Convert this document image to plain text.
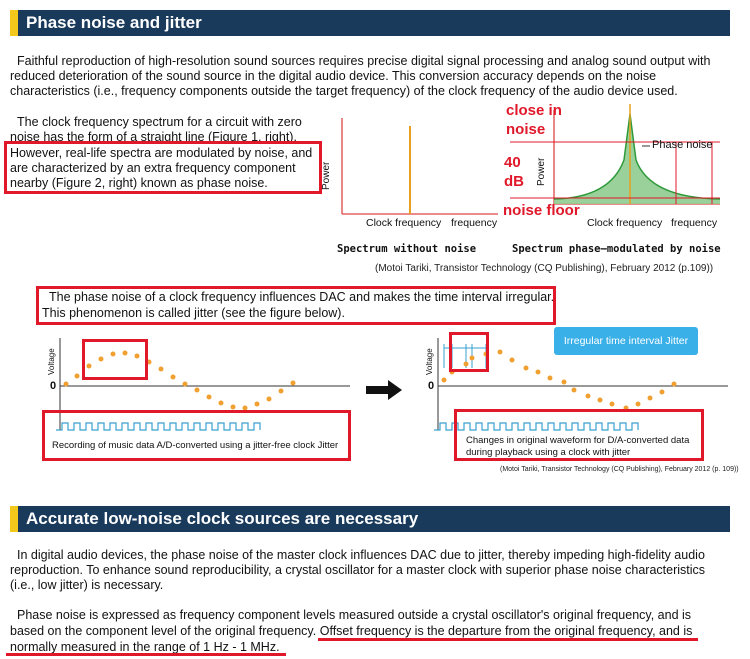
Phase noise and jitter
Faithful reproduction of high-resolution sound sources requires precise digital signal processing and analog sound output with reduced deterioration of the sound source in the digital audio device. This conversion accuracy depends on the noise characteristics (i.e., frequency components outside the target frequency) of the clock frequency of the audio device used.
The clock frequency spectrum for a circuit with zero noise has the form of a straight line (Figure 1, right).
However, real-life spectra are modulated by noise, and are characterized by an extra frequency component nearby (Figure 2, right) known as phase noise.	Power
Clock frequency frequency
Spectrum without noise
Power
Phase noise
Clock frequency frequency
Spectrum phase–modulated by noise
close in
noise
40
dB
noise floor
(Motoi Tariki, Transistor Technology (CQ Publishing), February 2012 (p.109))
The phase noise of a clock frequency influences DAC and makes the time interval irregular.
This phenomenon is called jitter (see the figure below).
Voltage
0
Recording of music data A/D-converted using a jitter-free clock Jitter
Voltage
0
Irregular time interval Jitter
Changes in original waveform for D/A-converted data
during playback using a clock with jitter
(Motoi Tariki, Transistor Technology (CQ Publishing), February 2012 (p. 109))
Accurate low-noise clock sources are necessary
In digital audio devices, the phase noise of the master clock influences DAC due to jitter, thereby impeding high-fidelity audio reproduction. To enhance sound reproducibility, a crystal oscillator for a master clock with superior phase noise characteristics (i.e., low jitter) is necessary.
Phase noise is expressed as frequency component levels measured outside a crystal oscillator's original frequency, and is
based on the component level of the original frequency. Offset frequency is the departure from the original frequency, and is
normally measured in the range of 1 Hz - 1 MHz.
